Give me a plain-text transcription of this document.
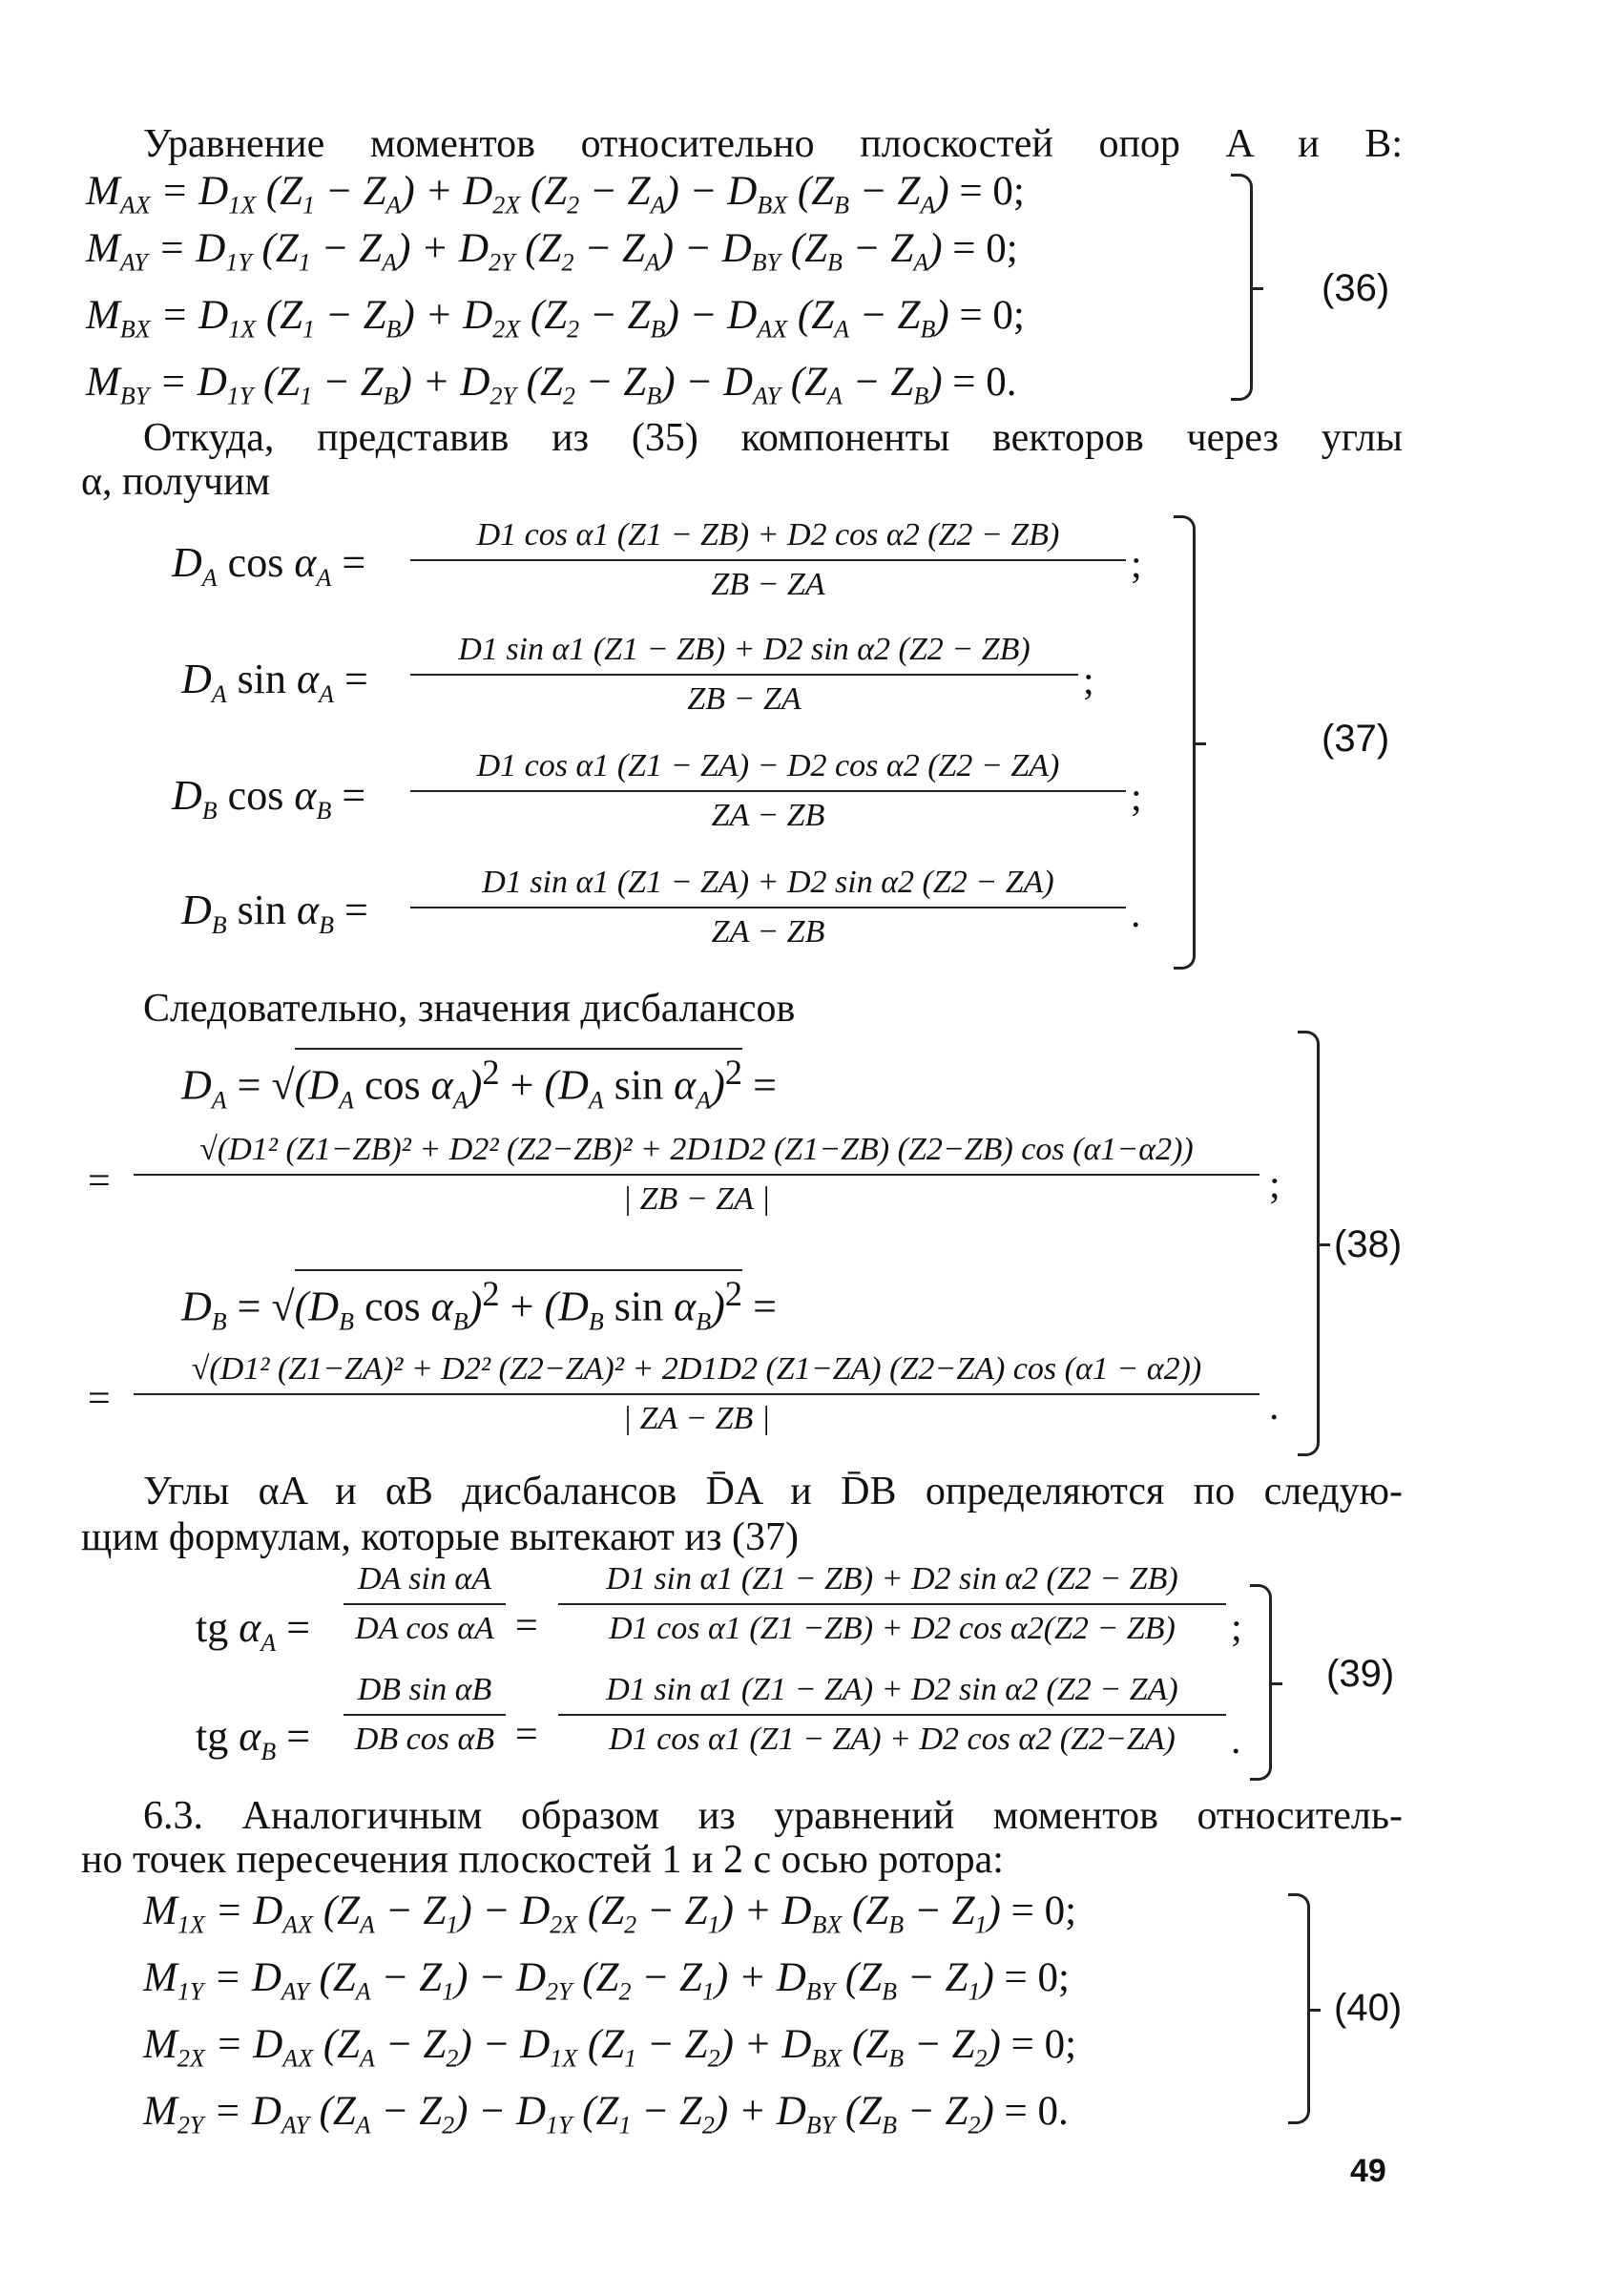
Уравнение моментов относительно плоскостей опор A и B:
$M_{AX} = D_{1X}$ $(Z_1 - Z_A) + D_{2X}$ $(Z_2 - Z_A) - D_{BX}$ $(Z_B - Z_A) = 0$;
$M_{AY} = D_{1Y}$ $(Z_1 - Z_A) + D_{2Y}$ $(Z_2 - Z_A) - D_{BY}$ $(Z_B - Z_A) = 0$;
$M_{BX} = D_{1X}$ $(Z_1 - Z_B) + D_{2X}$ $(Z_2 - Z_B) - D_{AX}$ $(Z_A - Z_B) = 0$;
$M_{BY} = D_{1Y}$ $(Z_1 - Z_B) + D_{2Y}$ $(Z_2 - Z_B) - D_{AY}$ $(Z_A - Z_B) = 0$.
(36)
Откуда, представив из (35) компоненты векторов через углы
α, получим
$D_A$ $\cos \alpha_A$ =
D1 cos α1 (Z1 − ZB) + D2 cos α2 (Z2 − ZB)
ZB − ZA	;
$D_A$ $\sin \alpha_A$ =
D1 sin α1 (Z1 − ZB) + D2 sin α2 (Z2 − ZB)
ZB − ZA	;
$D_B$ $\cos \alpha_B$ =
D1 cos α1 (Z1 − ZA) − D2 cos α2 (Z2 − ZA)
ZA − ZB	;
$D_B$ $\sin \alpha_B$ =
D1 sin α1 (Z1 − ZA) + D2 sin α2 (Z2 − ZA)
ZA − ZB	.
(37)
Следовательно, значения дисбалансов
$D_A = √(D_A$ $\cos \alpha_A)^2 + (D_A$ $\sin \alpha_A)^2$ =
=
√(D1² (Z1−ZB)² + D2² (Z2−ZB)² + 2D1D2 (Z1−ZB) (Z2−ZB) cos (α1−α2))
| ZB − ZA |	;
$D_B = √(D_B$ $\cos \alpha_B)^2 + (D_B$ $\sin \alpha_B)^2$ =
=
√(D1² (Z1−ZA)² + D2² (Z2−ZA)² + 2D1D2 (Z1−ZA) (Z2−ZA) cos (α1 − α2))
| ZA − ZB |	.
(38)
Углы αA и αB дисбалансов D̄A и D̄B определяются по следую-
щим формулам, которые вытекают из (37)
tg $\alpha_A$ =
DA sin αA
DA cos αA =
D1 sin α1 (Z1 − ZB) + D2 sin α2 (Z2 − ZB)
D1 cos α1 (Z1 −ZB) + D2 cos α2(Z2 − ZB)	;
tg $\alpha_B$ =
DB sin αB
DB cos αB =
D1 sin α1 (Z1 − ZA) + D2 sin α2 (Z2 − ZA)
D1 cos α1 (Z1 − ZA) + D2 cos α2 (Z2−ZA)	.
(39)
6.3. Аналогичным образом из уравнений моментов относитель-
но точек пересечения плоскостей 1 и 2 с осью ротора:
$M_{1X} = D_{AX}$ $(Z_A - Z_1) - D_{2X}$ $(Z_2 - Z_1) + D_{BX}$ $(Z_B - Z_1) = 0$;
$M_{1Y} = D_{AY}$ $(Z_A - Z_1) - D_{2Y}$ $(Z_2 - Z_1) + D_{BY}$ $(Z_B - Z_1) = 0$;
$M_{2X} = D_{AX}$ $(Z_A - Z_2) - D_{1X}$ $(Z_1 - Z_2) + D_{BX}$ $(Z_B - Z_2) = 0$;
$M_{2Y} = D_{AY}$ $(Z_A - Z_2) - D_{1Y}$ $(Z_1 - Z_2) + D_{BY}$ $(Z_B - Z_2) = 0$.
(40)
49
